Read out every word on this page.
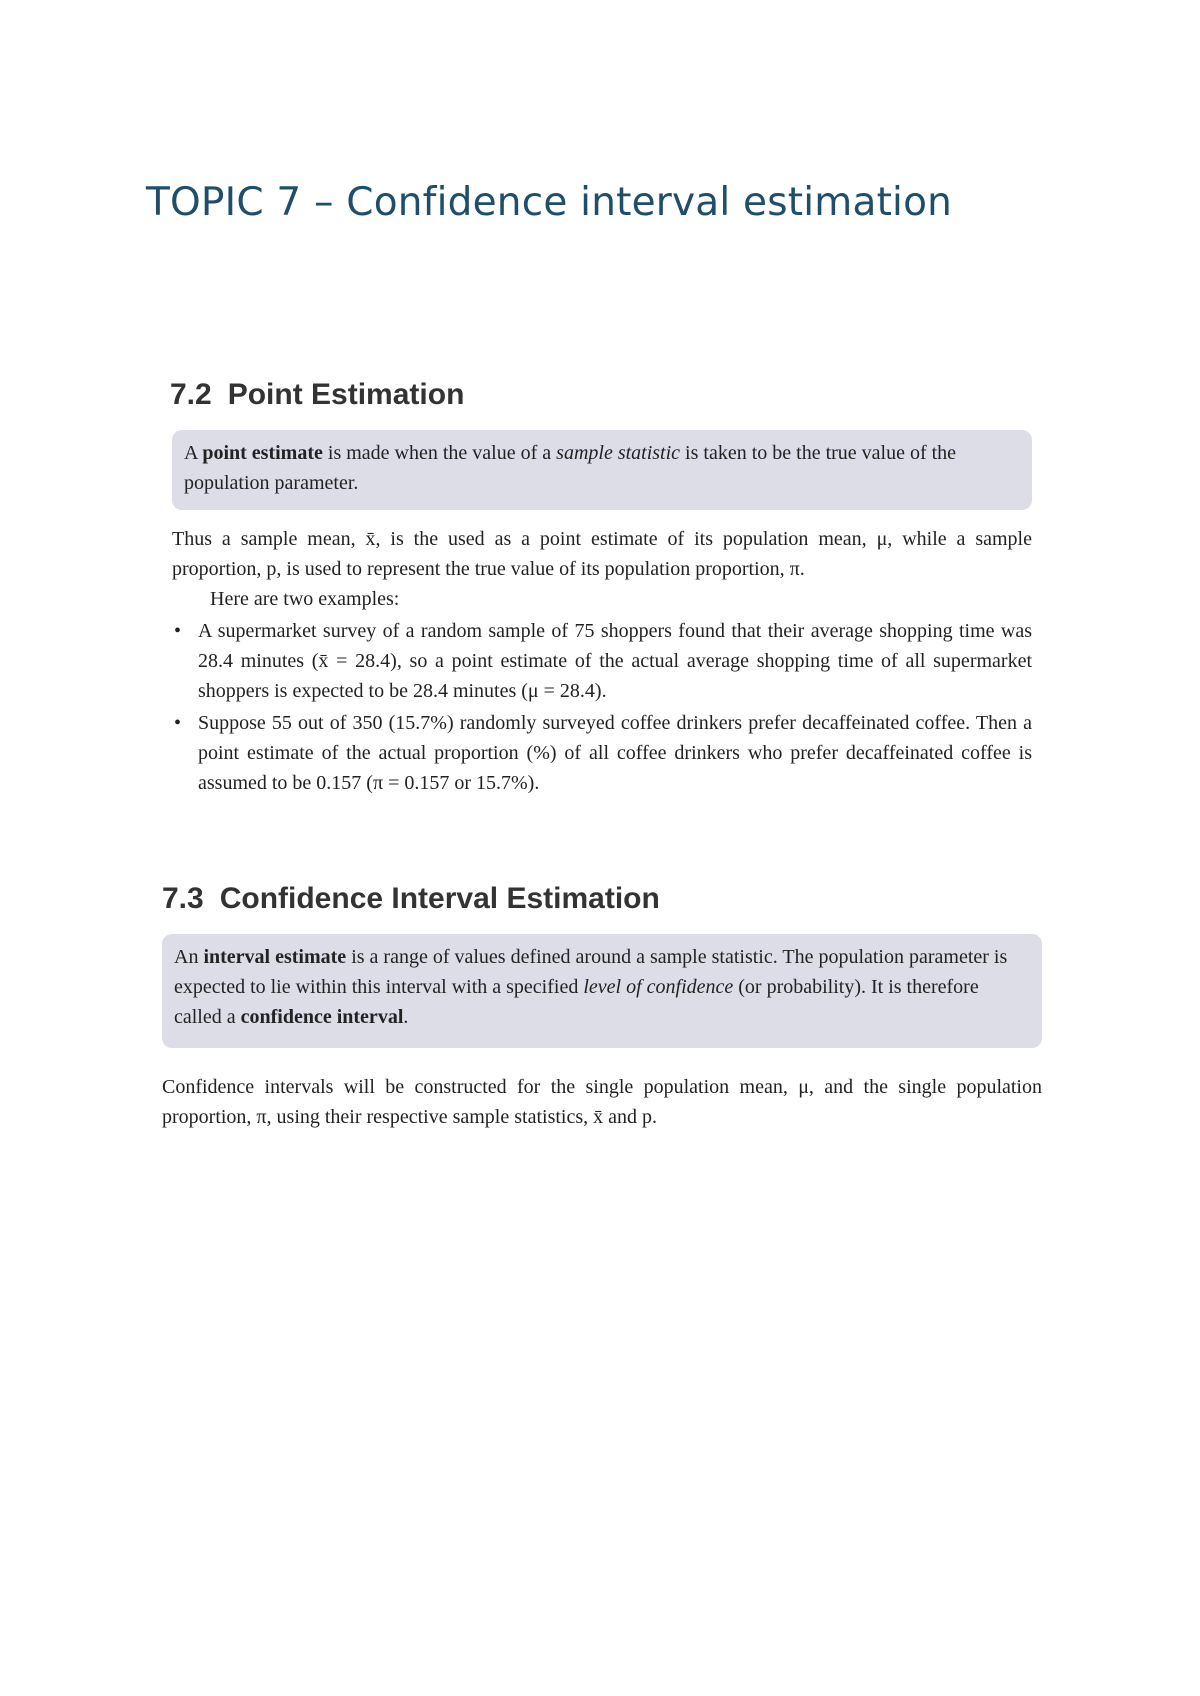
TOPIC 7 – Confidence interval estimation
7.2 Point Estimation
A point estimate is made when the value of a sample statistic is taken to be the true value of the population parameter.

Thus a sample mean, x̄, is the used as a point estimate of its population mean, μ, while a sample proportion, p, is used to represent the true value of its population proportion, π.

Here are two examples:

• A supermarket survey of a random sample of 75 shoppers found that their average shopping time was 28.4 minutes (x̄ = 28.4), so a point estimate of the actual average shopping time of all supermarket shoppers is expected to be 28.4 minutes (μ = 28.4).
• Suppose 55 out of 350 (15.7%) randomly surveyed coffee drinkers prefer decaffeinated coffee. Then a point estimate of the actual proportion (%) of all coffee drinkers who prefer decaffeinated coffee is assumed to be 0.157 (π = 0.157 or 15.7%).
7.3 Confidence Interval Estimation
An interval estimate is a range of values defined around a sample statistic. The population parameter is expected to lie within this interval with a specified level of confidence (or probability). It is therefore called a confidence interval.

Confidence intervals will be constructed for the single population mean, μ, and the single population proportion, π, using their respective sample statistics, x̄ and p.
